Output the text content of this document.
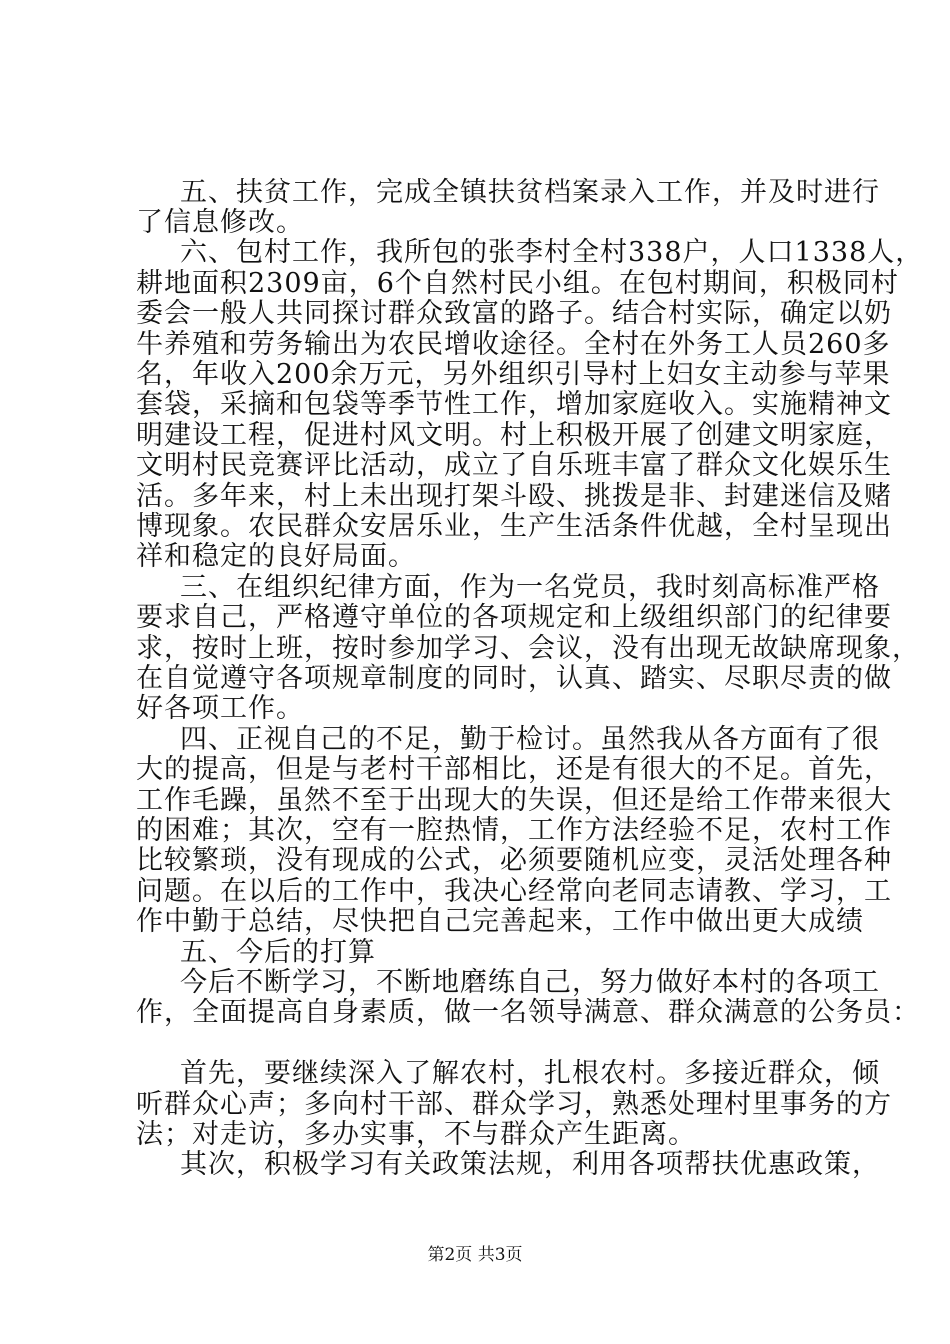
五、扶贫工作，完成全镇扶贫档案录入工作，并及时进行
了信息修改。
六、包村工作，我所包的张李村全村338户，人口1338人，
耕地面积2309亩，6个自然村民小组。在包村期间，积极同村
委会一般人共同探讨群众致富的路子。结合村实际，确定以奶
牛养殖和劳务输出为农民增收途径。全村在外务工人员260多
名，年收入200余万元，另外组织引导村上妇女主动参与苹果
套袋，采摘和包袋等季节性工作，增加家庭收入。实施精神文
明建设工程，促进村风文明。村上积极开展了创建文明家庭，
文明村民竞赛评比活动，成立了自乐班丰富了群众文化娱乐生
活。多年来，村上未出现打架斗殴、挑拨是非、封建迷信及赌
博现象。农民群众安居乐业，生产生活条件优越，全村呈现出
祥和稳定的良好局面。
三、在组织纪律方面，作为一名党员，我时刻高标准严格
要求自己，严格遵守单位的各项规定和上级组织部门的纪律要
求，按时上班，按时参加学习、会议，没有出现无故缺席现象，
在自觉遵守各项规章制度的同时，认真、踏实、尽职尽责的做
好各项工作。
四、正视自己的不足，勤于检讨。虽然我从各方面有了很
大的提高，但是与老村干部相比，还是有很大的不足。首先，
工作毛躁，虽然不至于出现大的失误，但还是给工作带来很大
的困难；其次，空有一腔热情，工作方法经验不足，农村工作
比较繁琐，没有现成的公式，必须要随机应变，灵活处理各种
问题。在以后的工作中，我决心经常向老同志请教、学习，工
作中勤于总结，尽快把自己完善起来，工作中做出更大成绩
五、今后的打算
今后不断学习，不断地磨练自己，努力做好本村的各项工
作，全面提高自身素质，做一名领导满意、群众满意的公务员：
首先，要继续深入了解农村，扎根农村。多接近群众，倾
听群众心声；多向村干部、群众学习，熟悉处理村里事务的方
法；对走访，多办实事，不与群众产生距离。
其次，积极学习有关政策法规，利用各项帮扶优惠政策，
第2页 共3页
